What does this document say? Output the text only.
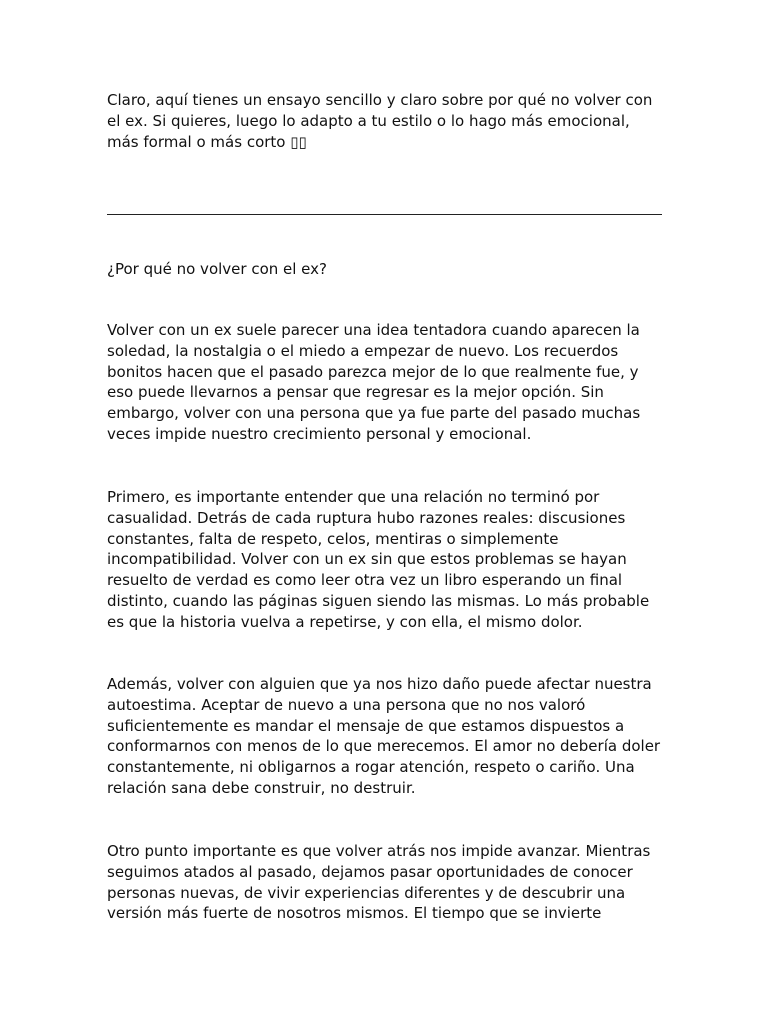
Claro, aquí tienes un ensayo sencillo y claro sobre por qué no volver con el ex. Si quieres, luego lo adapto a tu estilo o lo hago más emocional, más formal o más corto ▯▯

¿Por qué no volver con el ex?

Volver con un ex suele parecer una idea tentadora cuando aparecen la soledad, la nostalgia o el miedo a empezar de nuevo. Los recuerdos bonitos hacen que el pasado parezca mejor de lo que realmente fue, y eso puede llevarnos a pensar que regresar es la mejor opción. Sin embargo, volver con una persona que ya fue parte del pasado muchas veces impide nuestro crecimiento personal y emocional.

Primero, es importante entender que una relación no terminó por casualidad. Detrás de cada ruptura hubo razones reales: discusiones constantes, falta de respeto, celos, mentiras o simplemente incompatibilidad. Volver con un ex sin que estos problemas se hayan resuelto de verdad es como leer otra vez un libro esperando un final distinto, cuando las páginas siguen siendo las mismas. Lo más probable es que la historia vuelva a repetirse, y con ella, el mismo dolor.

Además, volver con alguien que ya nos hizo daño puede afectar nuestra autoestima. Aceptar de nuevo a una persona que no nos valoró suficientemente es mandar el mensaje de que estamos dispuestos a conformarnos con menos de lo que merecemos. El amor no debería doler constantemente, ni obligarnos a rogar atención, respeto o cariño. Una relación sana debe construir, no destruir.

Otro punto importante es que volver atrás nos impide avanzar. Mientras seguimos atados al pasado, dejamos pasar oportunidades de conocer personas nuevas, de vivir experiencias diferentes y de descubrir una versión más fuerte de nosotros mismos. El tiempo que se invierte
